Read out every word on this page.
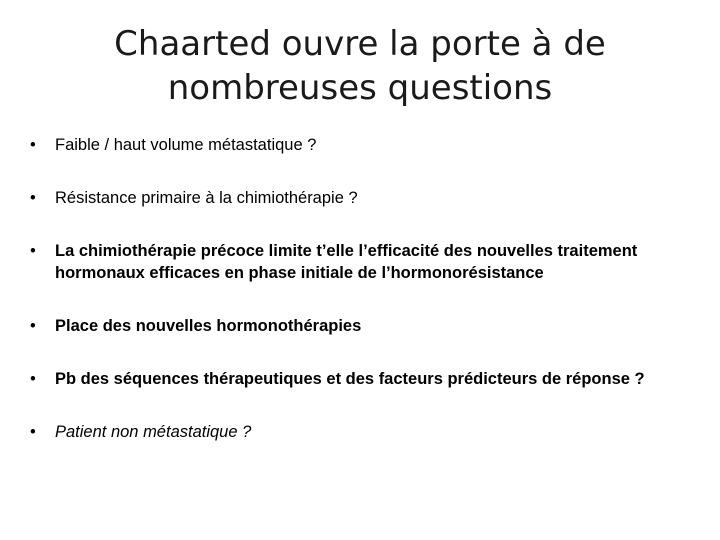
Chaarted ouvre la porte à de
nombreuses questions
•	Faible / haut volume métastatique ?
•	Résistance primaire à la chimiothérapie ?
•	La chimiothérapie précoce limite t’elle l’efficacité des nouvelles traitement hormonaux efficaces en phase initiale de l’hormonorésistance
•	Place des nouvelles hormonothérapies
•	Pb des séquences thérapeutiques et des facteurs prédicteurs de réponse ?
•	Patient non métastatique ?
